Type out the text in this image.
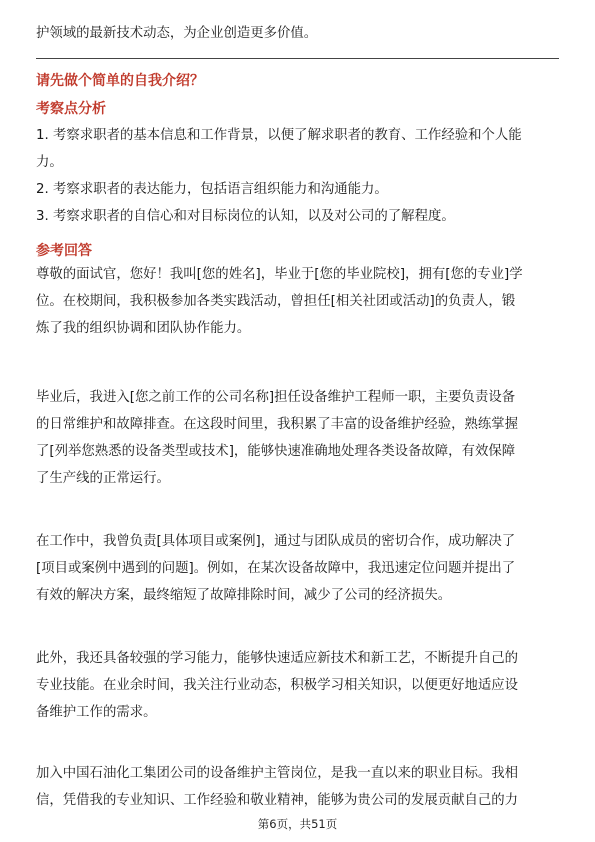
护领域的最新技术动态，为企业创造更多价值。
请先做个简单的自我介绍？
考察点分析
1. 考察求职者的基本信息和工作背景，以便了解求职者的教育、工作经验和个人能
力。
2. 考察求职者的表达能力，包括语言组织能力和沟通能力。
3. 考察求职者的自信心和对目标岗位的认知，以及对公司的了解程度。
参考回答
尊敬的面试官，您好！我叫[您的姓名]，毕业于[您的毕业院校]，拥有[您的专业]学
位。在校期间，我积极参加各类实践活动，曾担任[相关社团或活动]的负责人，锻
炼了我的组织协调和团队协作能力。
毕业后，我进入[您之前工作的公司名称]担任设备维护工程师一职，主要负责设备
的日常维护和故障排查。在这段时间里，我积累了丰富的设备维护经验，熟练掌握
了[列举您熟悉的设备类型或技术]，能够快速准确地处理各类设备故障，有效保障
了生产线的正常运行。
在工作中，我曾负责[具体项目或案例]，通过与团队成员的密切合作，成功解决了
[项目或案例中遇到的问题]。例如，在某次设备故障中，我迅速定位问题并提出了
有效的解决方案，最终缩短了故障排除时间，减少了公司的经济损失。
此外，我还具备较强的学习能力，能够快速适应新技术和新工艺，不断提升自己的
专业技能。在业余时间，我关注行业动态，积极学习相关知识，以便更好地适应设
备维护工作的需求。
加入中国石油化工集团公司的设备维护主管岗位，是我一直以来的职业目标。我相
信，凭借我的专业知识、工作经验和敬业精神，能够为贵公司的发展贡献自己的力
第6页，共51页
